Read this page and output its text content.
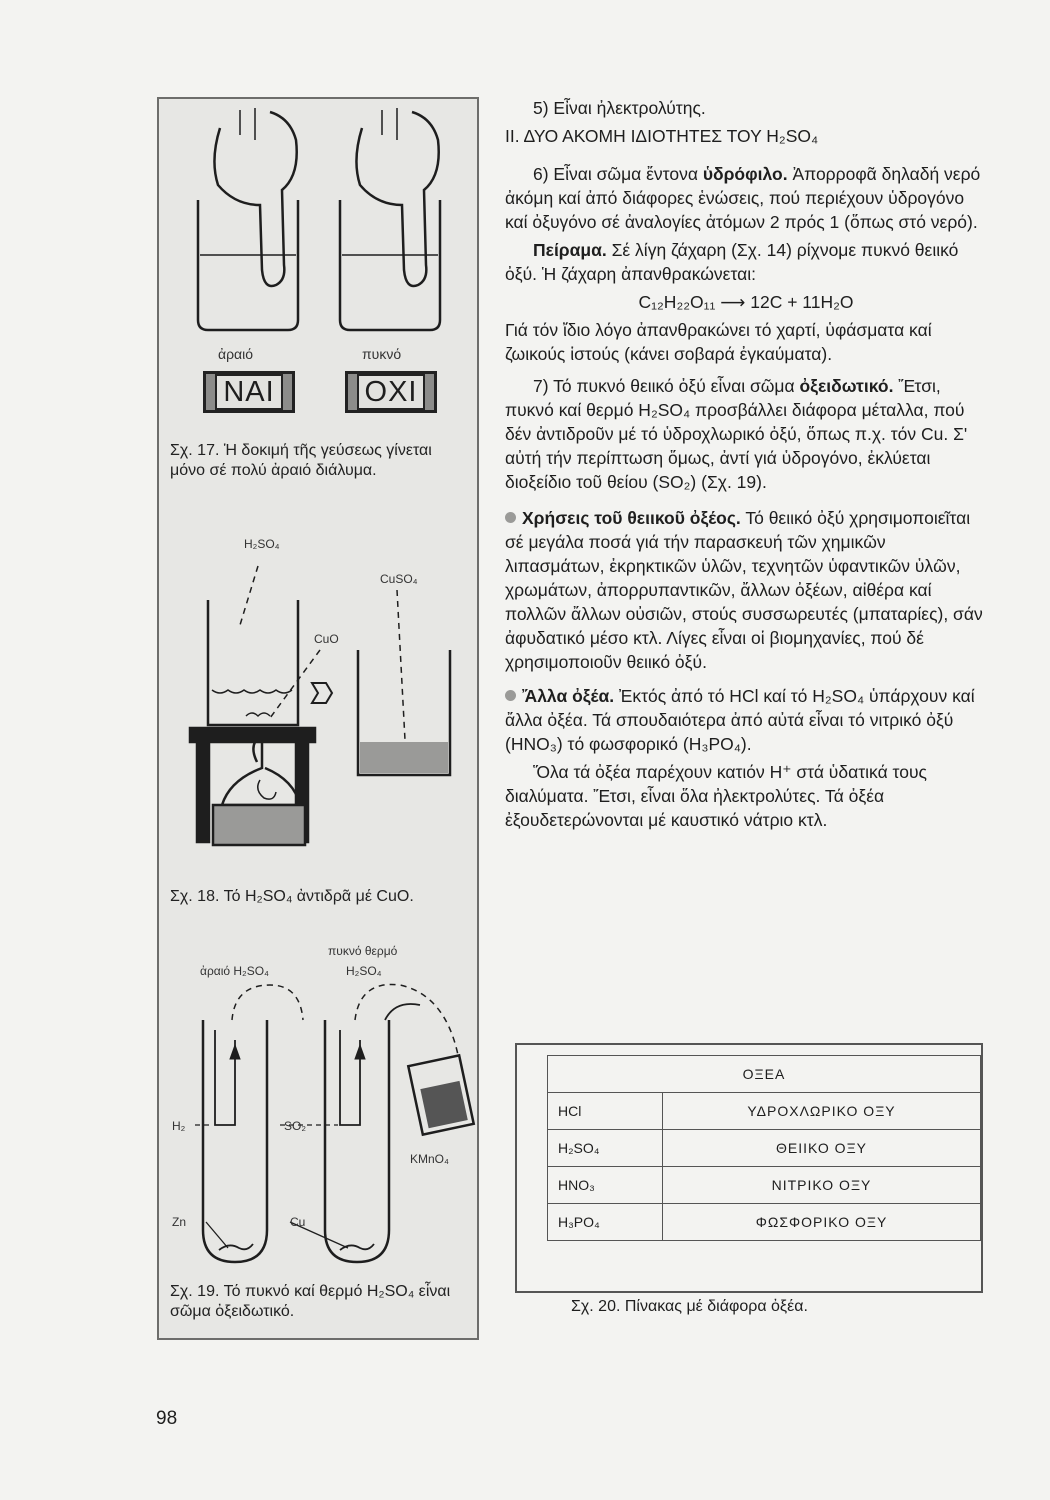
ἀραιό	πυκνό
ΝΑΙ	ΟΧΙ
Σχ. 17. Ἡ δοκιμή τῆς γεύσεως γίνεται μόνο σέ πολύ ἀραιό διάλυμα.
H₂SO₄
CuSO₄
CuO
Σχ. 18. Τό H₂SO₄ ἀντιδρᾶ μέ CuO.
πυκνό θερμό
ἀραιό H₂SO₄	H₂SO₄
H₂	SO₂
KMnO₄
Zn	Cu
Σχ. 19. Τό πυκνό καί θερμό H₂SO₄ εἶναι σῶμα ὀξειδωτικό.

5) Εἶναι ἠλεκτρολύτης.

ΙΙ. ΔΥΟ ΑΚΟΜΗ ΙΔΙΟΤΗΤΕΣ ΤΟΥ H₂SO₄

6) Εἶναι σῶμα ἔντονα ὑδρόφιλο. Ἀπορροφᾶ δηλαδή νερό ἀκόμη καί ἀπό διάφορες ἑνώσεις, πού περιέχουν ὑδρογόνο καί ὀξυγόνο σέ ἀναλογίες ἀτόμων 2 πρός 1 (ὅπως στό νερό).

Πείραμα. Σέ λίγη ζάχαρη (Σχ. 14) ρίχνομε πυκνό θειικό ὀξύ. Ἡ ζάχαρη ἀπανθρακώνεται:

C₁₂H₂₂O₁₁ ⟶ 12C + 11H₂O

Γιά τόν ἴδιο λόγο ἀπανθρακώνει τό χαρτί, ὑφάσματα καί ζωικούς ἱστούς (κάνει σοβαρά ἐγκαύματα).

7) Τό πυκνό θειικό ὀξύ εἶναι σῶμα ὀξειδωτικό. Ἔτσι, πυκνό καί θερμό H₂SO₄ προσβάλλει διάφορα μέταλλα, πού δέν ἀντιδροῦν μέ τό ὑδροχλωρικό ὀξύ, ὅπως π.χ. τόν Cu. Σ' αὐτή τήν περίπτωση ὅμως, ἀντί γιά ὑδρογόνο, ἐκλύεται διοξείδιο τοῦ θείου (SO₂) (Σχ. 19).

Χρήσεις τοῦ θειικοῦ ὀξέος. Τό θειικό ὀξύ χρησιμοποιεῖται σέ μεγάλα ποσά γιά τήν παρασκευή τῶν χημικῶν λιπασμάτων, ἐκρηκτικῶν ὑλῶν, τεχνητῶν ὑφαντικῶν ὑλῶν, χρωμάτων, ἀπορρυπαντικῶν, ἄλλων ὀξέων, αἰθέρα καί πολλῶν ἄλλων οὐσιῶν, στούς συσσωρευτές (μπαταρίες), σάν ἀφυδατικό μέσο κτλ. Λίγες εἶναι οἱ βιομηχανίες, πού δέ χρησιμοποιοῦν θειικό ὀξύ.

Ἄλλα ὀξέα. Ἐκτός ἀπό τό HCl καί τό H₂SO₄ ὑπάρχουν καί ἄλλα ὀξέα. Τά σπουδαιότερα ἀπό αὐτά εἶναι τό νιτρικό ὀξύ (HNO₃) τό φωσφορικό (H₃PO₄).

Ὅλα τά ὀξέα παρέχουν κατιόν H⁺ στά ὑδατικά τους διαλύματα. Ἔτσι, εἶναι ὅλα ἠλεκτρολύτες. Τά ὀξέα ἐξουδετερώνονται μέ καυστικό νάτριο κτλ.

ΟΞΕΑ	
HCl	ΥΔΡΟΧΛΩΡΙΚΟ ΟΞΥ
H₂SO₄	ΘΕΙΙΚΟ ΟΞΥ
HNO₃	ΝΙΤΡΙΚΟ ΟΞΥ
H₃PO₄	ΦΩΣΦΟΡΙΚΟ ΟΞΥ
Σχ. 20. Πίνακας μέ διάφορα ὀξέα.
98
